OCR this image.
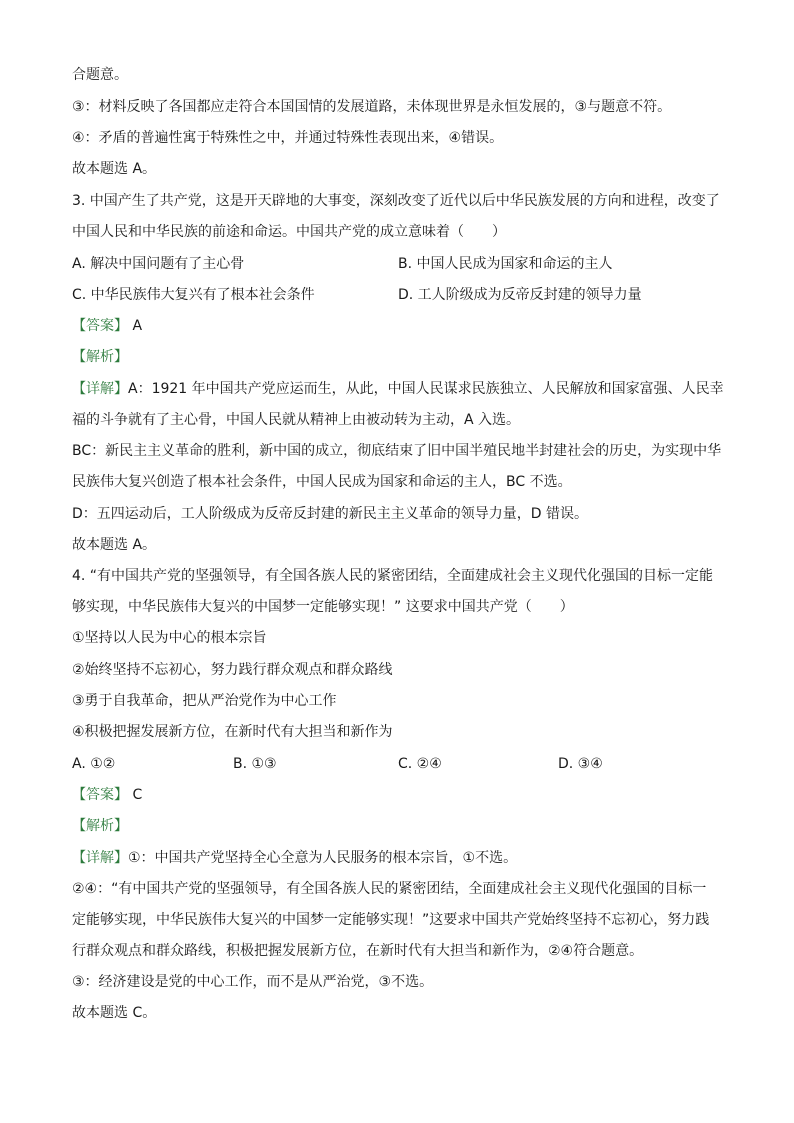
合题意。
③：材料反映了各国都应走符合本国国情的发展道路，未体现世界是永恒发展的，③与题意不符。
④：矛盾的普遍性寓于特殊性之中，并通过特殊性表现出来，④错误。
故本题选 A。
3. 中国产生了共产党，这是开天辟地的大事变，深刻改变了近代以后中华民族发展的方向和进程，改变了
中国人民和中华民族的前途和命运。中国共产党的成立意味着（　　）
A. 解决中国问题有了主心骨	B. 中国人民成为国家和命运的主人
C. 中华民族伟大复兴有了根本社会条件	D. 工人阶级成为反帝反封建的领导力量
【答案】 A
【解析】
【详解】A：1921 年中国共产党应运而生，从此，中国人民谋求民族独立、人民解放和国家富强、人民幸
福的斗争就有了主心骨，中国人民就从精神上由被动转为主动，A 入选。
BC：新民主主义革命的胜利，新中国的成立，彻底结束了旧中国半殖民地半封建社会的历史，为实现中华
民族伟大复兴创造了根本社会条件，中国人民成为国家和命运的主人，BC 不选。
D：五四运动后，工人阶级成为反帝反封建的新民主主义革命的领导力量，D 错误。
故本题选 A。
4. “有中国共产党的坚强领导，有全国各族人民的紧密团结，全面建成社会主义现代化强国的目标一定能
够实现，中华民族伟大复兴的中国梦一定能够实现！” 这要求中国共产党（　　）
①坚持以人民为中心的根本宗旨
②始终坚持不忘初心，努力践行群众观点和群众路线
③勇于自我革命，把从严治党作为中心工作
④积极把握发展新方位，在新时代有大担当和新作为
A. ①②	B. ①③	C. ②④	D. ③④
【答案】 C
【解析】
【详解】①：中国共产党坚持全心全意为人民服务的根本宗旨，①不选。
②④：“有中国共产党的坚强领导，有全国各族人民的紧密团结，全面建成社会主义现代化强国的目标一
定能够实现，中华民族伟大复兴的中国梦一定能够实现！”这要求中国共产党始终坚持不忘初心，努力践
行群众观点和群众路线，积极把握发展新方位，在新时代有大担当和新作为，②④符合题意。
③：经济建设是党的中心工作，而不是从严治党，③不选。
故本题选 C。
